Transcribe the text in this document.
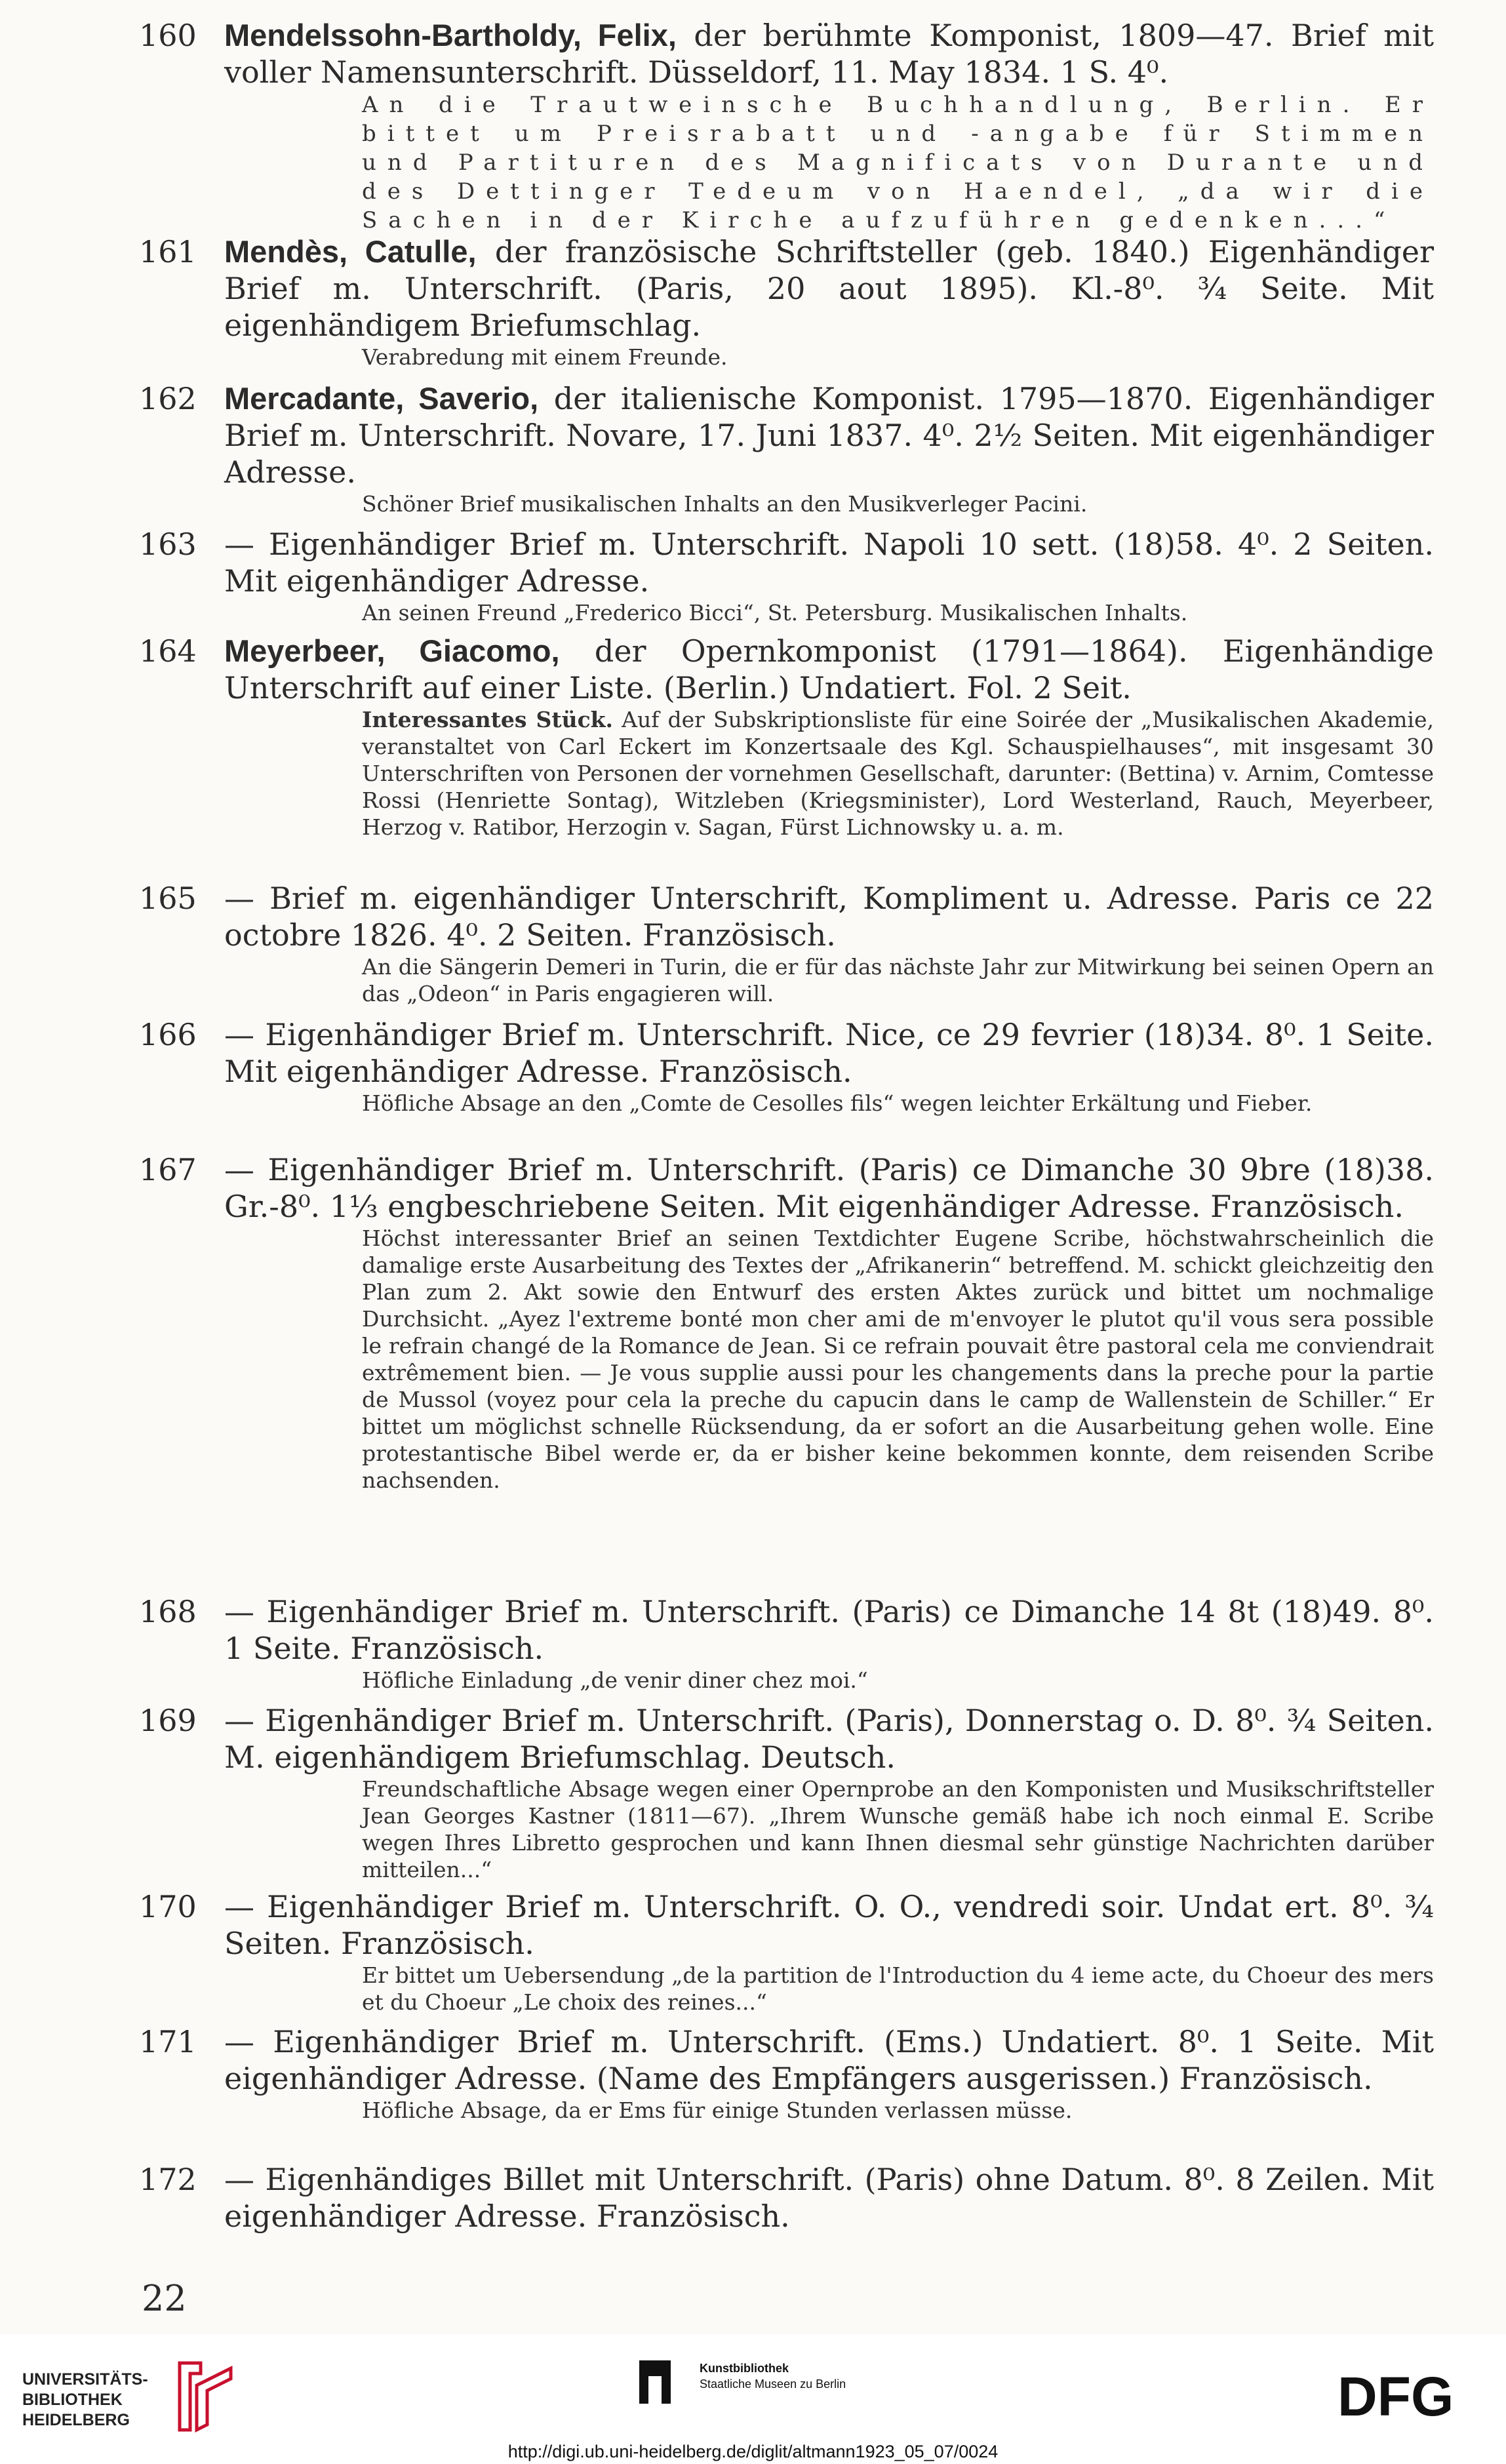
160 Mendelssohn-Bartholdy, Felix, der berühmte Komponist, 1809—47. Brief mit voller Namensunterschrift. Düsseldorf, 11. May 1834. 1 S. 4⁰.
An die Trautweinsche Buchhandlung, Berlin. Er bittet um Preisrabatt und -angabe für Stimmen und Partituren des Magnificats von Durante und des Dettinger Tedeum von Haendel, „da wir die Sachen in der Kirche aufzuführen gedenken...“
161 Mendès, Catulle, der französische Schriftsteller (geb. 1840.) Eigenhändiger Brief m. Unterschrift. (Paris, 20 aout 1895). Kl.-8⁰. ¾ Seite. Mit eigenhändigem Briefumschlag.
Verabredung mit einem Freunde.
162 Mercadante, Saverio, der italienische Komponist. 1795—1870. Eigenhändiger Brief m. Unterschrift. Novare, 17. Juni 1837. 4⁰. 2½ Seiten. Mit eigenhändiger Adresse.
Schöner Brief musikalischen Inhalts an den Musikverleger Pacini.
163 — Eigenhändiger Brief m. Unterschrift. Napoli 10 sett. (18)58. 4⁰. 2 Seiten. Mit eigenhändiger Adresse.
An seinen Freund „Frederico Bicci“, St. Petersburg. Musikalischen Inhalts.
164 Meyerbeer, Giacomo, der Opernkomponist (1791—1864). Eigenhändige Unterschrift auf einer Liste. (Berlin.) Undatiert. Fol. 2 Seit.
Interessantes Stück. Auf der Subskriptionsliste für eine Soirée der „Musikalischen Akademie, veranstaltet von Carl Eckert im Konzertsaale des Kgl. Schauspielhauses“, mit insgesamt 30 Unterschriften von Personen der vornehmen Gesellschaft, darunter: (Bettina) v. Arnim, Comtesse Rossi (Henriette Sontag), Witzleben (Kriegsminister), Lord Westerland, Rauch, Meyerbeer, Herzog v. Ratibor, Herzogin v. Sagan, Fürst Lichnowsky u. a. m.
165 — Brief m. eigenhändiger Unterschrift, Kompliment u. Adresse. Paris ce 22 octobre 1826. 4⁰. 2 Seiten. Französisch.
An die Sängerin Demeri in Turin, die er für das nächste Jahr zur Mitwirkung bei seinen Opern an das „Odeon“ in Paris engagieren will.
166 — Eigenhändiger Brief m. Unterschrift. Nice, ce 29 fevrier (18)34. 8⁰. 1 Seite. Mit eigenhändiger Adresse. Französisch.
Höfliche Absage an den „Comte de Cesolles fils“ wegen leichter Erkältung und Fieber.
167 — Eigenhändiger Brief m. Unterschrift. (Paris) ce Dimanche 30 9bre (18)38. Gr.-8⁰. 1⅓ engbeschriebene Seiten. Mit eigenhändiger Adresse. Französisch.
Höchst interessanter Brief an seinen Textdichter Eugene Scribe, höchstwahrscheinlich die damalige erste Ausarbeitung des Textes der „Afrikanerin“ betreffend. M. schickt gleichzeitig den Plan zum 2. Akt sowie den Entwurf des ersten Aktes zurück und bittet um nochmalige Durchsicht. „Ayez l'extreme bonté mon cher ami de m'envoyer le plutot qu'il vous sera possible le refrain changé de la Romance de Jean. Si ce refrain pouvait être pastoral cela me conviendrait extrêmement bien. — Je vous supplie aussi pour les changements dans la preche pour la partie de Mussol (voyez pour cela la preche du capucin dans le camp de Wallenstein de Schiller.“ Er bittet um möglichst schnelle Rücksendung, da er sofort an die Ausarbeitung gehen wolle. Eine protestantische Bibel werde er, da er bisher keine bekommen konnte, dem reisenden Scribe nachsenden.
168 — Eigenhändiger Brief m. Unterschrift. (Paris) ce Dimanche 14 8t (18)49. 8⁰. 1 Seite. Französisch.
Höfliche Einladung „de venir diner chez moi.“
169 — Eigenhändiger Brief m. Unterschrift. (Paris), Donnerstag o. D. 8⁰. ¾ Seiten. M. eigenhändigem Briefumschlag. Deutsch.
Freundschaftliche Absage wegen einer Opernprobe an den Komponisten und Musikschriftsteller Jean Georges Kastner (1811—67). „Ihrem Wunsche gemäß habe ich noch einmal E. Scribe wegen Ihres Libretto gesprochen und kann Ihnen diesmal sehr günstige Nachrichten darüber mitteilen...“
170 — Eigenhändiger Brief m. Unterschrift. O. O., vendredi soir. Undat ert. 8⁰. ¾ Seiten. Französisch.
Er bittet um Uebersendung „de la partition de l'Introduction du 4 ieme acte, du Choeur des mers et du Choeur „Le choix des reines...“
171 — Eigenhändiger Brief m. Unterschrift. (Ems.) Undatiert. 8⁰. 1 Seite. Mit eigenhändiger Adresse. (Name des Empfängers ausgerissen.) Französisch.
Höfliche Absage, da er Ems für einige Stunden verlassen müsse.
172 — Eigenhändiges Billet mit Unterschrift. (Paris) ohne Datum. 8⁰. 8 Zeilen. Mit eigenhändiger Adresse. Französisch.
22
UNIVERSITÄTS-
BIBLIOTHEK
HEIDELBERG
Kunstbibliothek
Staatliche Museen zu Berlin	DFG
http://digi.ub.uni-heidelberg.de/diglit/altmann1923_05_07/0024
